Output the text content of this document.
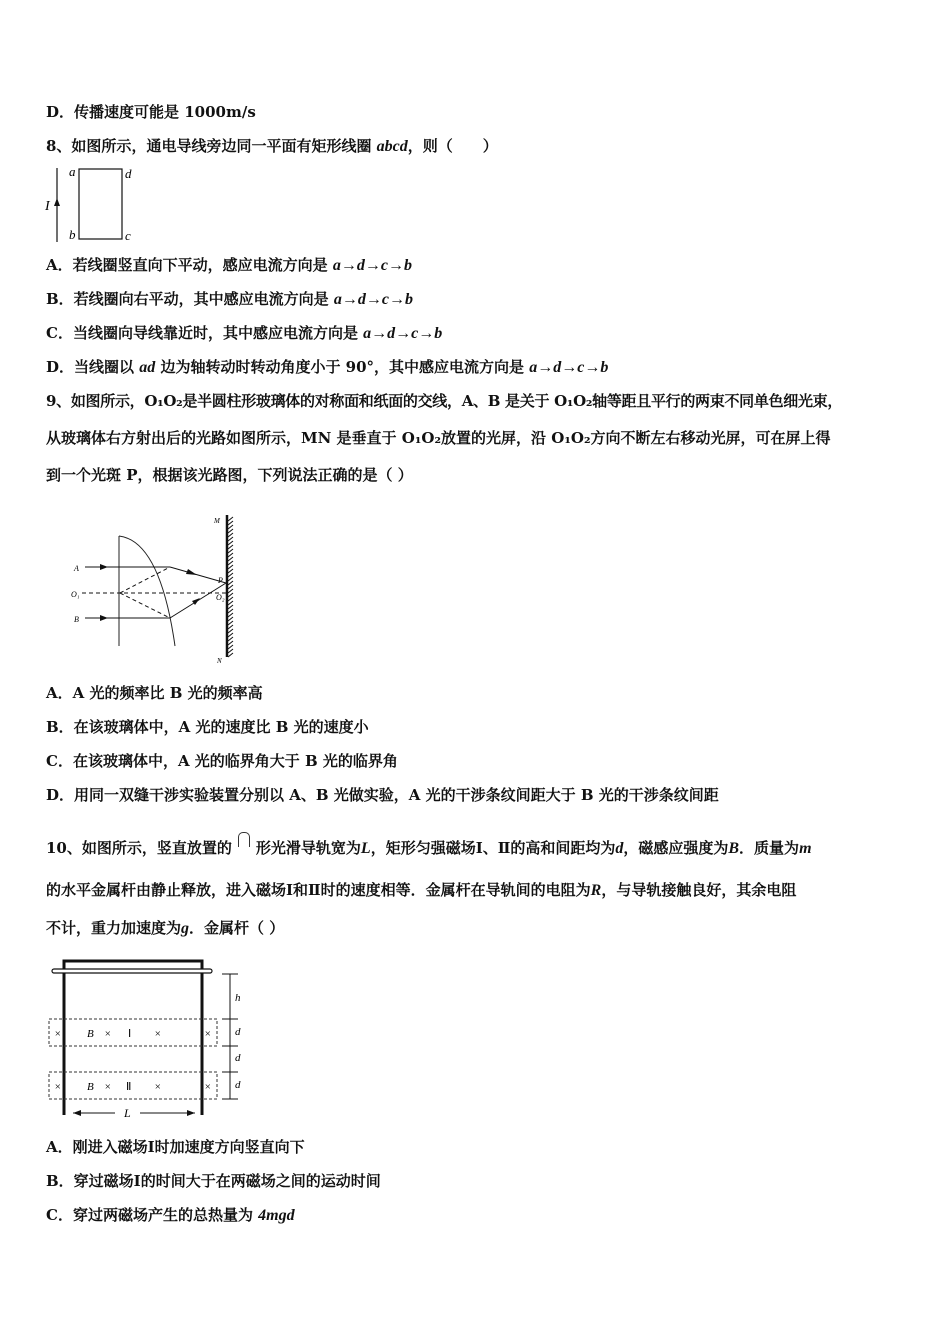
D．传播速度可能是 1000m/s
8、如图所示，通电导线旁边同一平面有矩形线圈 abcd，则（　　）
I
a	d
b	c
A．若线圈竖直向下平动，感应电流方向是 a→d→c→b
B．若线圈向右平动，其中感应电流方向是 a→d→c→b
C．当线圈向导线靠近时，其中感应电流方向是 a→d→c→b
D．当线圈以 ad 边为轴转动时转动角度小于 90°，其中感应电流方向是 a→d→c→b
9、如图所示，O₁O₂是半圆柱形玻璃体的对称面和纸面的交线，A、B 是关于 O₁O₂轴等距且平行的两束不同单色细光束，
从玻璃体右方射出后的光路如图所示，MN 是垂直于 O₁O₂放置的光屏，沿 O₁O₂方向不断左右移动光屏，可在屏上得
到一个光斑 P，根据该光路图，下列说法正确的是（ ）
A
B
O₁	O₂
P
M
N
A．A 光的频率比 B 光的频率高
B．在该玻璃体中，A 光的速度比 B 光的速度小
C．在该玻璃体中，A 光的临界角大于 B 光的临界角
D．用同一双缝干涉实验装置分别以 A、B 光做实验，A 光的干涉条纹间距大于 B 光的干涉条纹间距
10、如图所示，竖直放置的 形光滑导轨宽为L，矩形匀强磁场Ⅰ、Ⅱ的高和间距均为d，磁感应强度为B．质量为m
的水平金属杆由静止释放，进入磁场Ⅰ和Ⅱ时的速度相等．金属杆在导轨间的电阻为R，与导轨接触良好，其余电阻
不计，重力加速度为g．金属杆（ ）
×	×	×	×
×	×	×	×
Ⅰ
Ⅱ
B
B
h
d
d
d
L
A．刚进入磁场Ⅰ时加速度方向竖直向下
B．穿过磁场Ⅰ的时间大于在两磁场之间的运动时间
C．穿过两磁场产生的总热量为 4mgd
